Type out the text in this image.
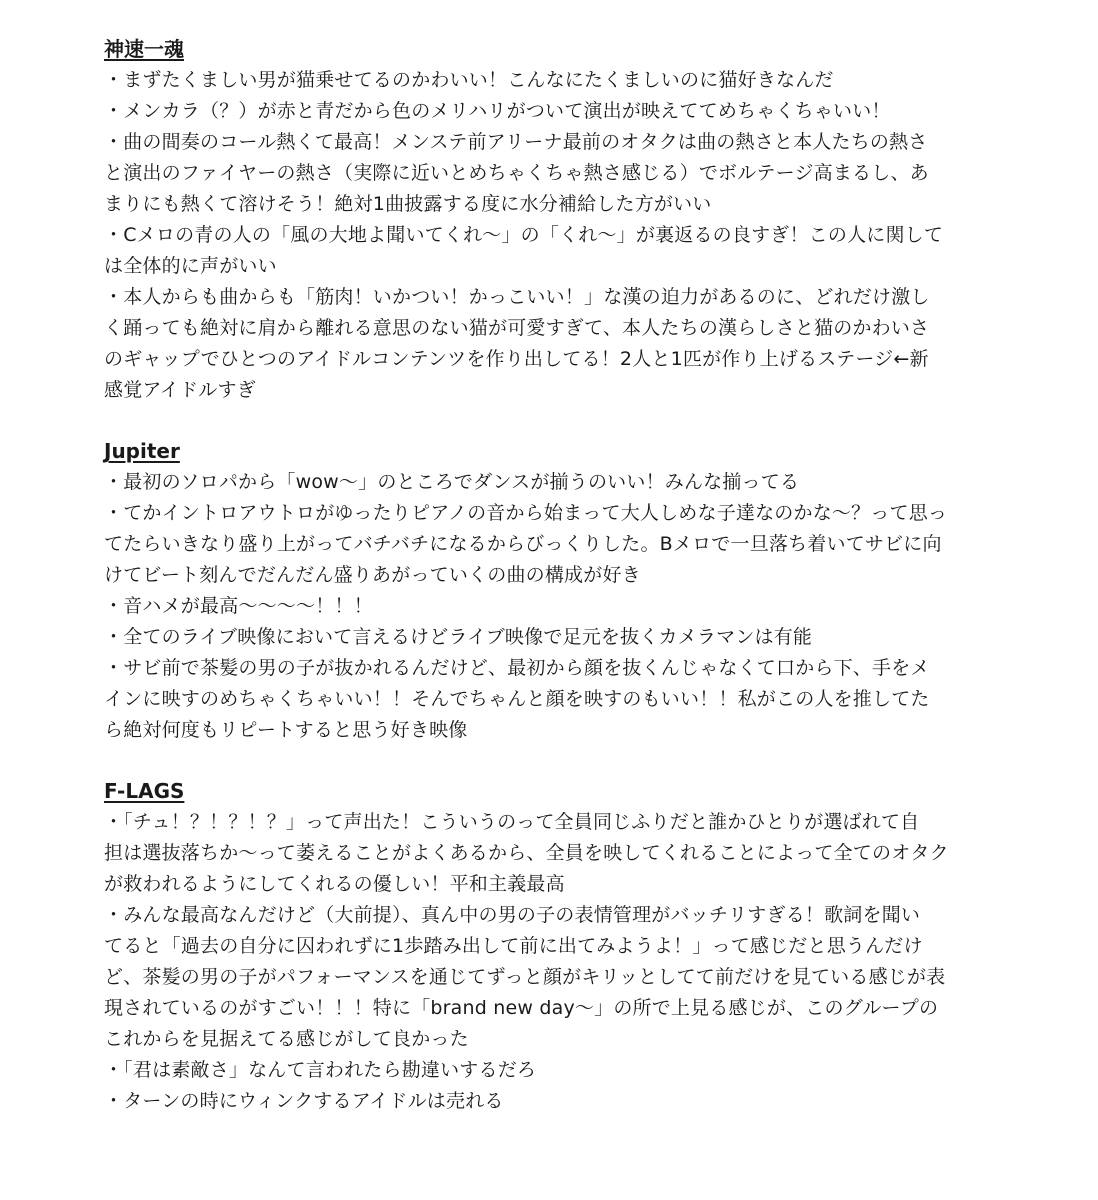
神速一魂

・まずたくましい男が猫乗せてるのかわいい！こんなにたくましいのに猫好きなんだ

・メンカラ（？）が赤と青だから色のメリハリがついて演出が映えててめちゃくちゃいい！

・曲の間奏のコール熱くて最高！メンステ前アリーナ最前のオタクは曲の熱さと本人たちの熱さ

と演出のファイヤーの熱さ（実際に近いとめちゃくちゃ熱さ感じる）でボルテージ高まるし、あ

まりにも熱くて溶けそう！絶対1曲披露する度に水分補給した方がいい

・Cメロの青の人の「風の大地よ聞いてくれ〜」の「くれ〜」が裏返るの良すぎ！この人に関して

は全体的に声がいい

・本人からも曲からも「筋肉！いかつい！かっこいい！」な漢の迫力があるのに、どれだけ激し

く踊っても絶対に肩から離れる意思のない猫が可愛すぎて、本人たちの漢らしさと猫のかわいさ

のギャップでひとつのアイドルコンテンツを作り出してる！2人と1匹が作り上げるステージ←新

感覚アイドルすぎ

Jupiter

・最初のソロパから「wow〜」のところでダンスが揃うのいい！みんな揃ってる

・てかイントロアウトロがゆったりピアノの音から始まって大人しめな子達なのかな〜？って思っ

てたらいきなり盛り上がってバチバチになるからびっくりした。Bメロで一旦落ち着いてサビに向

けてビート刻んでだんだん盛りあがっていくの曲の構成が好き

・音ハメが最高〜〜〜〜！！！

・全てのライブ映像において言えるけどライブ映像で足元を抜くカメラマンは有能

・サビ前で茶髪の男の子が抜かれるんだけど、最初から顔を抜くんじゃなくて口から下、手をメ

インに映すのめちゃくちゃいい！！そんでちゃんと顔を映すのもいい！！私がこの人を推してた

ら絶対何度もリピートすると思う好き映像

F-LAGS

・「チュ！？！？！？」って声出た！こういうのって全員同じふりだと誰かひとりが選ばれて自

担は選抜落ちか〜って萎えることがよくあるから、全員を映してくれることによって全てのオタク

が救われるようにしてくれるの優しい！平和主義最高

・みんな最高なんだけど（大前提）、真ん中の男の子の表情管理がバッチリすぎる！歌詞を聞い

てると「過去の自分に囚われずに1歩踏み出して前に出てみようよ！」って感じだと思うんだけ

ど、茶髪の男の子がパフォーマンスを通じてずっと顔がキリッとしてて前だけを見ている感じが表

現されているのがすごい！！！特に「brand new day〜」の所で上見る感じが、このグループの

これからを見据えてる感じがして良かった

・「君は素敵さ」なんて言われたら勘違いするだろ

・ターンの時にウィンクするアイドルは売れる
